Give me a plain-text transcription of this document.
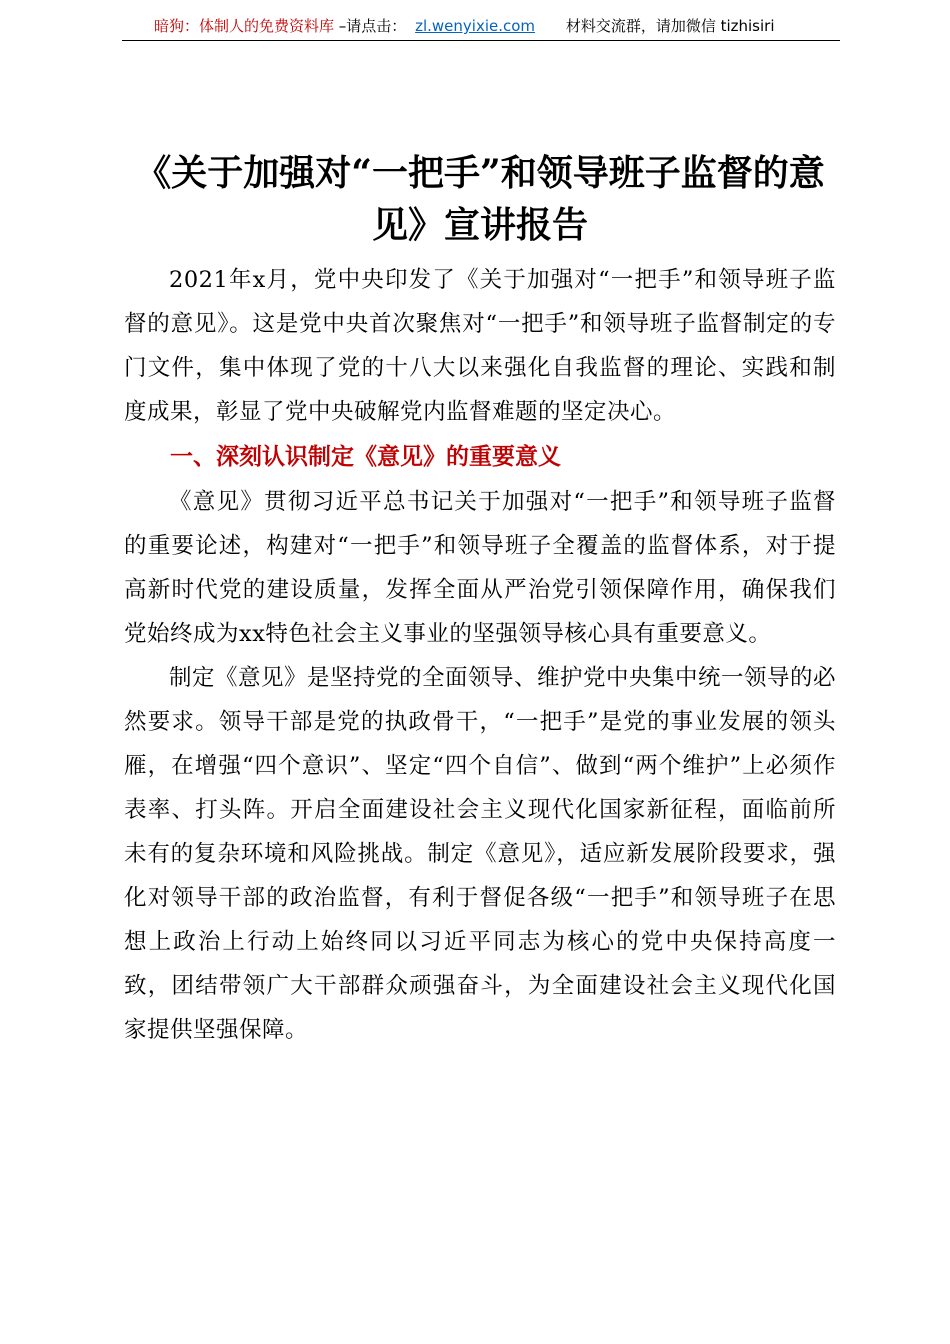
暗狗：体制人的免费资料库 –请点击： zl.wenyixie.com 材料交流群，请加微信 tizhisiri
《关于加强对“一把手”和领导班子监督的意见》宣讲报告

2021年x月，党中央印发了《关于加强对“一把手”和领导班子监督的意见》。这是党中央首次聚焦对“一把手”和领导班子监督制定的专门文件，集中体现了党的十八大以来强化自我监督的理论、实践和制度成果，彰显了党中央破解党内监督难题的坚定决心。

一、深刻认识制定《意见》的重要意义

《意见》贯彻习近平总书记关于加强对“一把手”和领导班子监督的重要论述，构建对“一把手”和领导班子全覆盖的监督体系，对于提高新时代党的建设质量，发挥全面从严治党引领保障作用，确保我们党始终成为xx特色社会主义事业的坚强领导核心具有重要意义。

制定《意见》是坚持党的全面领导、维护党中央集中统一领导的必然要求。领导干部是党的执政骨干，“一把手”是党的事业发展的领头雁，在增强“四个意识”、坚定“四个自信”、做到“两个维护”上必须作表率、打头阵。开启全面建设社会主义现代化国家新征程，面临前所未有的复杂环境和风险挑战。制定《意见》，适应新发展阶段要求，强化对领导干部的政治监督，有利于督促各级“一把手”和领导班子在思想上政治上行动上始终同以习近平同志为核心的党中央保持高度一致，团结带领广大干部群众顽强奋斗，为全面建设社会主义现代化国家提供坚强保障。
